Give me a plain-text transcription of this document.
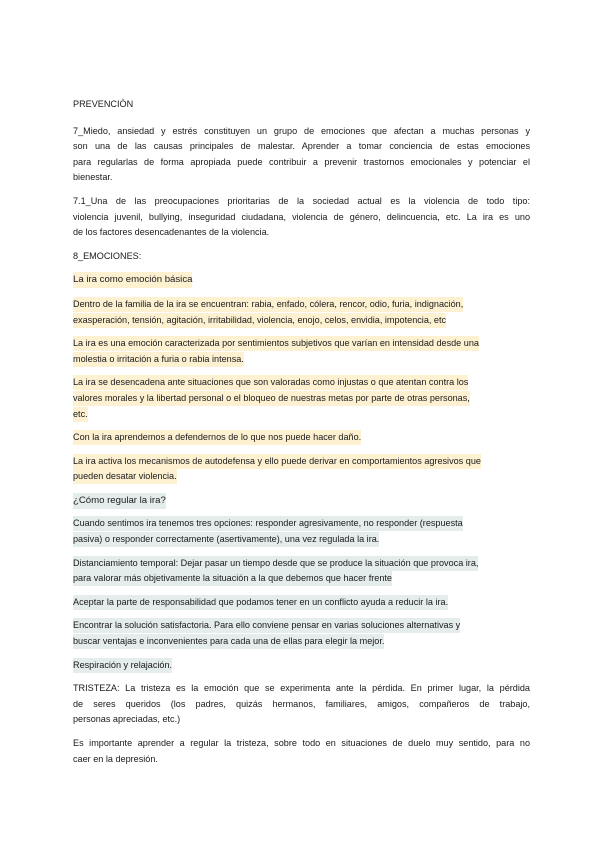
PREVENCIÒN

7_Miedo, ansiedad y estrés constituyen un grupo de emociones que afectan a muchas personas y
son una de las causas principales de malestar. Aprender a tomar conciencia de estas emociones
para regularlas de forma apropiada puede contribuir a prevenir trastornos emocionales y potenciar el
bienestar.

7.1_Una de las preocupaciones prioritarias de la sociedad actual es la violencia de todo tipo:
violencia juvenil, bullying, inseguridad ciudadana, violencia de género, delincuencia, etc. La ira es uno
de los factores desencadenantes de la violencia.

8_EMOCIONES:

La ira como emoción básica

Dentro de la familia de la ira se encuentran: rabia, enfado, cólera, rencor, odio, furia, indignación,
exasperación, tensión, agitación, irritabilidad, violencia, enojo, celos, envidia, impotencia, etc

La ira es una emoción caracterizada por sentimientos subjetivos que varían en intensidad desde una
molestia o irritación a furia o rabia intensa.

La ira se desencadena ante situaciones que son valoradas como injustas o que atentan contra los
valores morales y la libertad personal o el bloqueo de nuestras metas por parte de otras personas,
etc.

Con la ira aprendemos a defendernos de lo que nos puede hacer daño.

La ira activa los mecanismos de autodefensa y ello puede derivar en comportamientos agresivos que
pueden desatar violencia.

¿Cómo regular la ira?

Cuando sentimos ira tenemos tres opciones: responder agresivamente, no responder (respuesta
pasiva) o responder correctamente (asertivamente), una vez regulada la ira.

Distanciamiento temporal: Dejar pasar un tiempo desde que se produce la situación que provoca ira,
para valorar más objetivamente la situación a la que debemos que hacer frente

Aceptar la parte de responsabilidad que podamos tener en un conflicto ayuda a reducir la ira.

Encontrar la solución satisfactoria. Para ello conviene pensar en varias soluciones alternativas y
buscar ventajas e inconvenientes para cada una de ellas para elegir la mejor.

Respiración y relajación.

TRISTEZA: La tristeza es la emoción que se experimenta ante la pérdida. En primer lugar, la pérdida
de seres queridos (los padres, quizás hermanos, familiares, amigos, compañeros de trabajo,
personas apreciadas, etc.)

Es importante aprender a regular la tristeza, sobre todo en situaciones de duelo muy sentido, para no
caer en la depresión.
